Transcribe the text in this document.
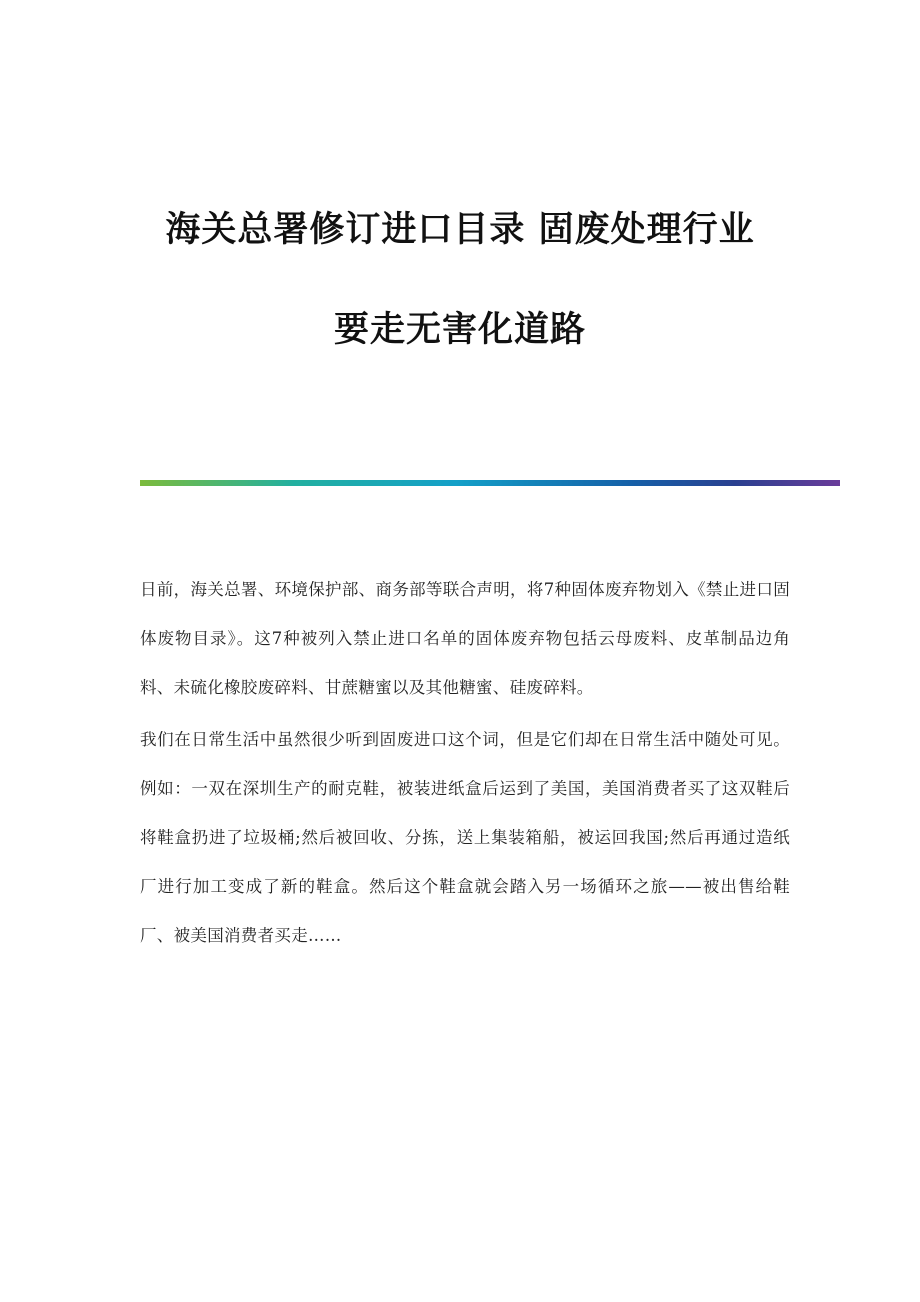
海关总署修订进口目录 固废处理行业
要走无害化道路

日前，海关总署、环境保护部、商务部等联合声明，将7种固体废弃物划入《禁止进口固体废物目录》。这7种被列入禁止进口名单的固体废弃物包括云母废料、皮革制品边角料、未硫化橡胶废碎料、甘蔗糖蜜以及其他糖蜜、硅废碎料。

我们在日常生活中虽然很少听到固废进口这个词，但是它们却在日常生活中随处可见。例如：一双在深圳生产的耐克鞋，被装进纸盒后运到了美国，美国消费者买了这双鞋后将鞋盒扔进了垃圾桶;然后被回收、分拣，送上集装箱船，被运回我国;然后再通过造纸厂进行加工变成了新的鞋盒。然后这个鞋盒就会踏入另一场循环之旅——被出售给鞋厂、被美国消费者买走……
